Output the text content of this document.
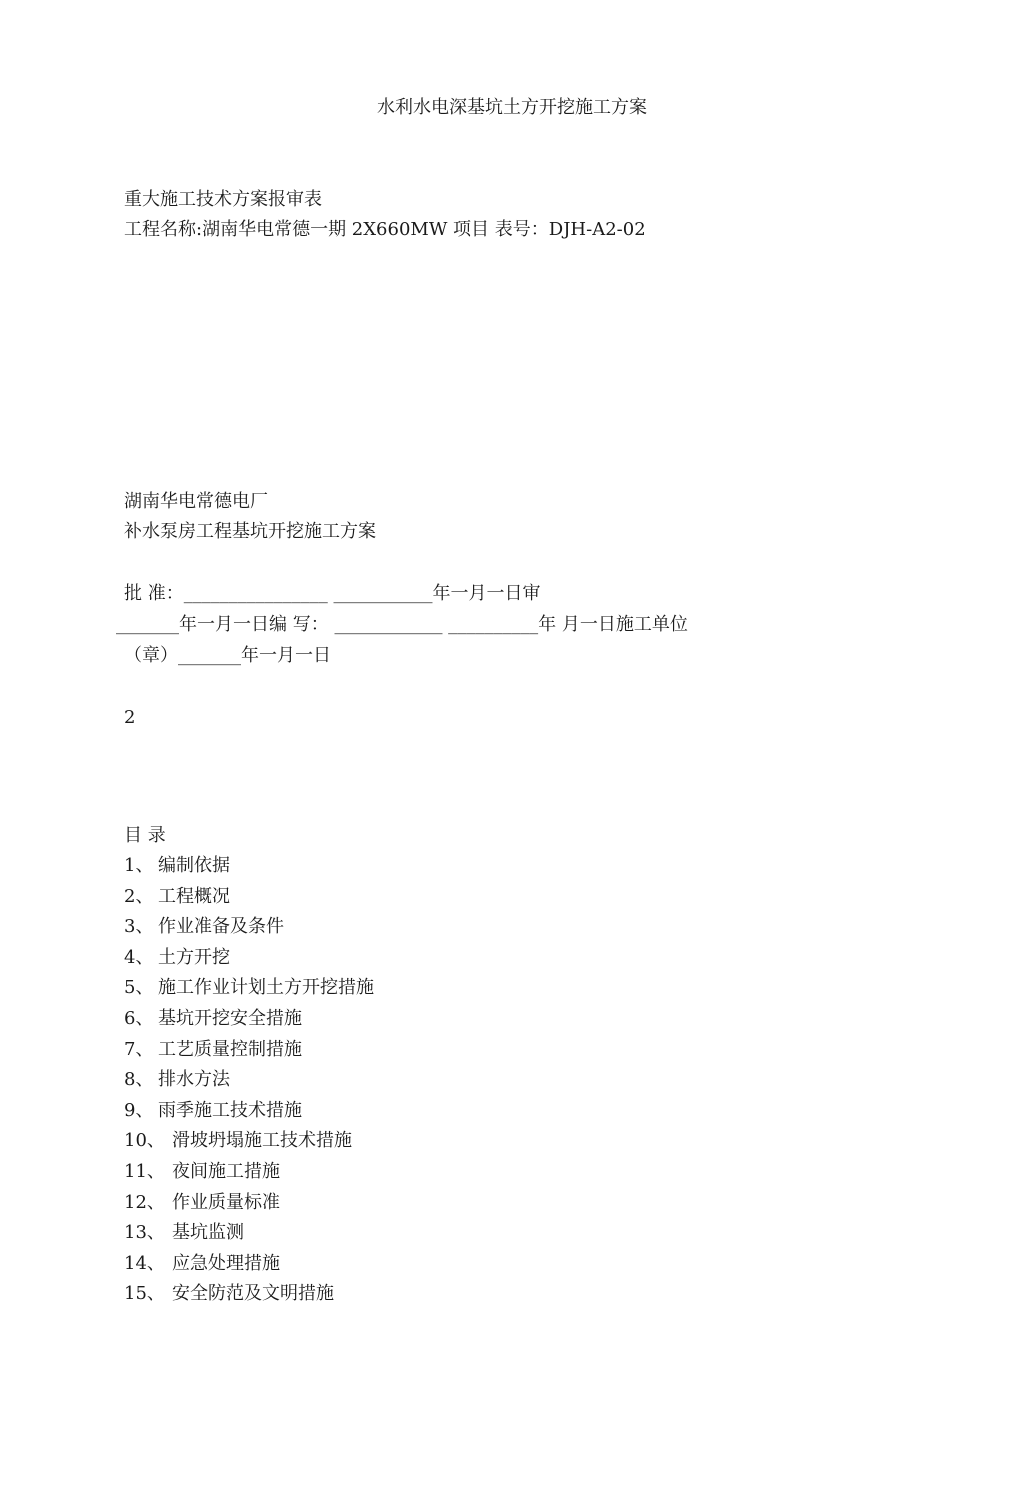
水利水电深基坑土方开挖施工方案
重大施工技术方案报审表
工程名称:湖南华电常德一期 2X660MW 项目 表号：DJH-A2-02
湖南华电常德电厂
补水泵房工程基坑开挖施工方案
批 准：________________ ___________年一月一日审
_______年一月一日编 写： ____________ __________年 月一日施工单位
（章）_______年一月一日
2
目 录
1、 编制依据
2、 工程概况
3、 作业准备及条件
4、 土方开挖
5、 施工作业计划土方开挖措施
6、 基坑开挖安全措施
7、 工艺质量控制措施
8、 排水方法
9、 雨季施工技术措施
10、 滑坡坍塌施工技术措施
11、 夜间施工措施
12、 作业质量标准
13、 基坑监测
14、 应急处理措施
15、 安全防范及文明措施
